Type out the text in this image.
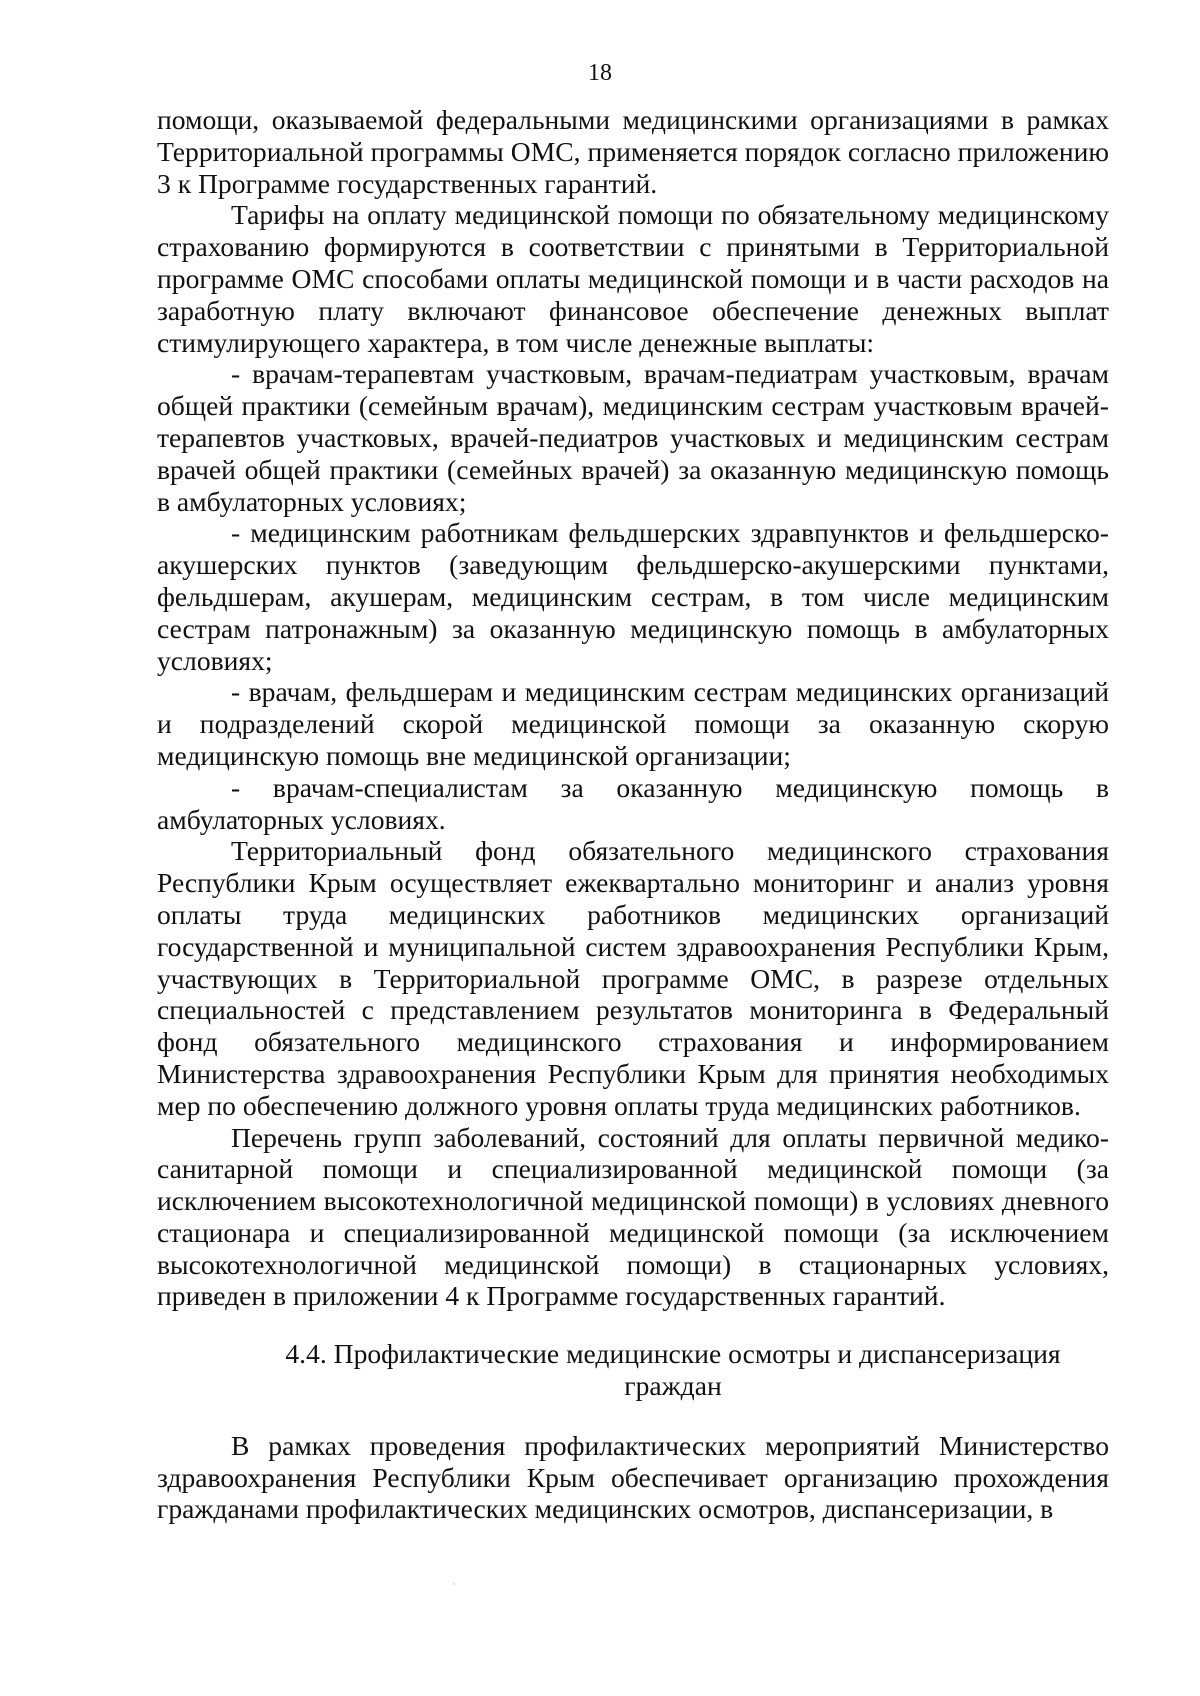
18

помощи, оказываемой федеральными медицинскими организациями в рамках Территориальной программы ОМС, применяется порядок согласно приложению 3 к Программе государственных гарантий.

Тарифы на оплату медицинской помощи по обязательному медицинскому страхованию формируются в соответствии с принятыми в Территориальной программе ОМС способами оплаты медицинской помощи и в части расходов на заработную плату включают финансовое обеспечение денежных выплат стимулирующего характера, в том числе денежные выплаты:

- врачам-терапевтам участковым, врачам-педиатрам участковым, врачам общей практики (семейным врачам), медицинским сестрам участковым врачей-терапевтов участковых, врачей-педиатров участковых и медицинским сестрам врачей общей практики (семейных врачей) за оказанную медицинскую помощь в амбулаторных условиях;

- медицинским работникам фельдшерских здравпунктов и фельдшерско-акушерских пунктов (заведующим фельдшерско-акушерскими пунктами, фельдшерам, акушерам, медицинским сестрам, в том числе медицинским сестрам патронажным) за оказанную медицинскую помощь в амбулаторных условиях;

- врачам, фельдшерам и медицинским сестрам медицинских организаций и подразделений скорой медицинской помощи за оказанную скорую медицинскую помощь вне медицинской организации;

- врачам-специалистам за оказанную медицинскую помощь в амбулаторных условиях.

Территориальный фонд обязательного медицинского страхования Республики Крым осуществляет ежеквартально мониторинг и анализ уровня оплаты труда медицинских работников медицинских организаций государственной и муниципальной систем здравоохранения Республики Крым, участвующих в Территориальной программе ОМС, в разрезе отдельных специальностей с представлением результатов мониторинга в Федеральный фонд обязательного медицинского страхования и информированием Министерства здравоохранения Республики Крым для принятия необходимых мер по обеспечению должного уровня оплаты труда медицинских работников.

Перечень групп заболеваний, состояний для оплаты первичной медико-санитарной помощи и специализированной медицинской помощи (за исключением высокотехнологичной медицинской помощи) в условиях дневного стационара и специализированной медицинской помощи (за исключением высокотехнологичной медицинской помощи) в стационарных условиях, приведен в приложении 4 к Программе государственных гарантий.

4.4. Профилактические медицинские осмотры и диспансеризация
граждан

В рамках проведения профилактических мероприятий Министерство здравоохранения Республики Крым обеспечивает организацию прохождения гражданами профилактических медицинских осмотров, диспансеризации, в

˙
